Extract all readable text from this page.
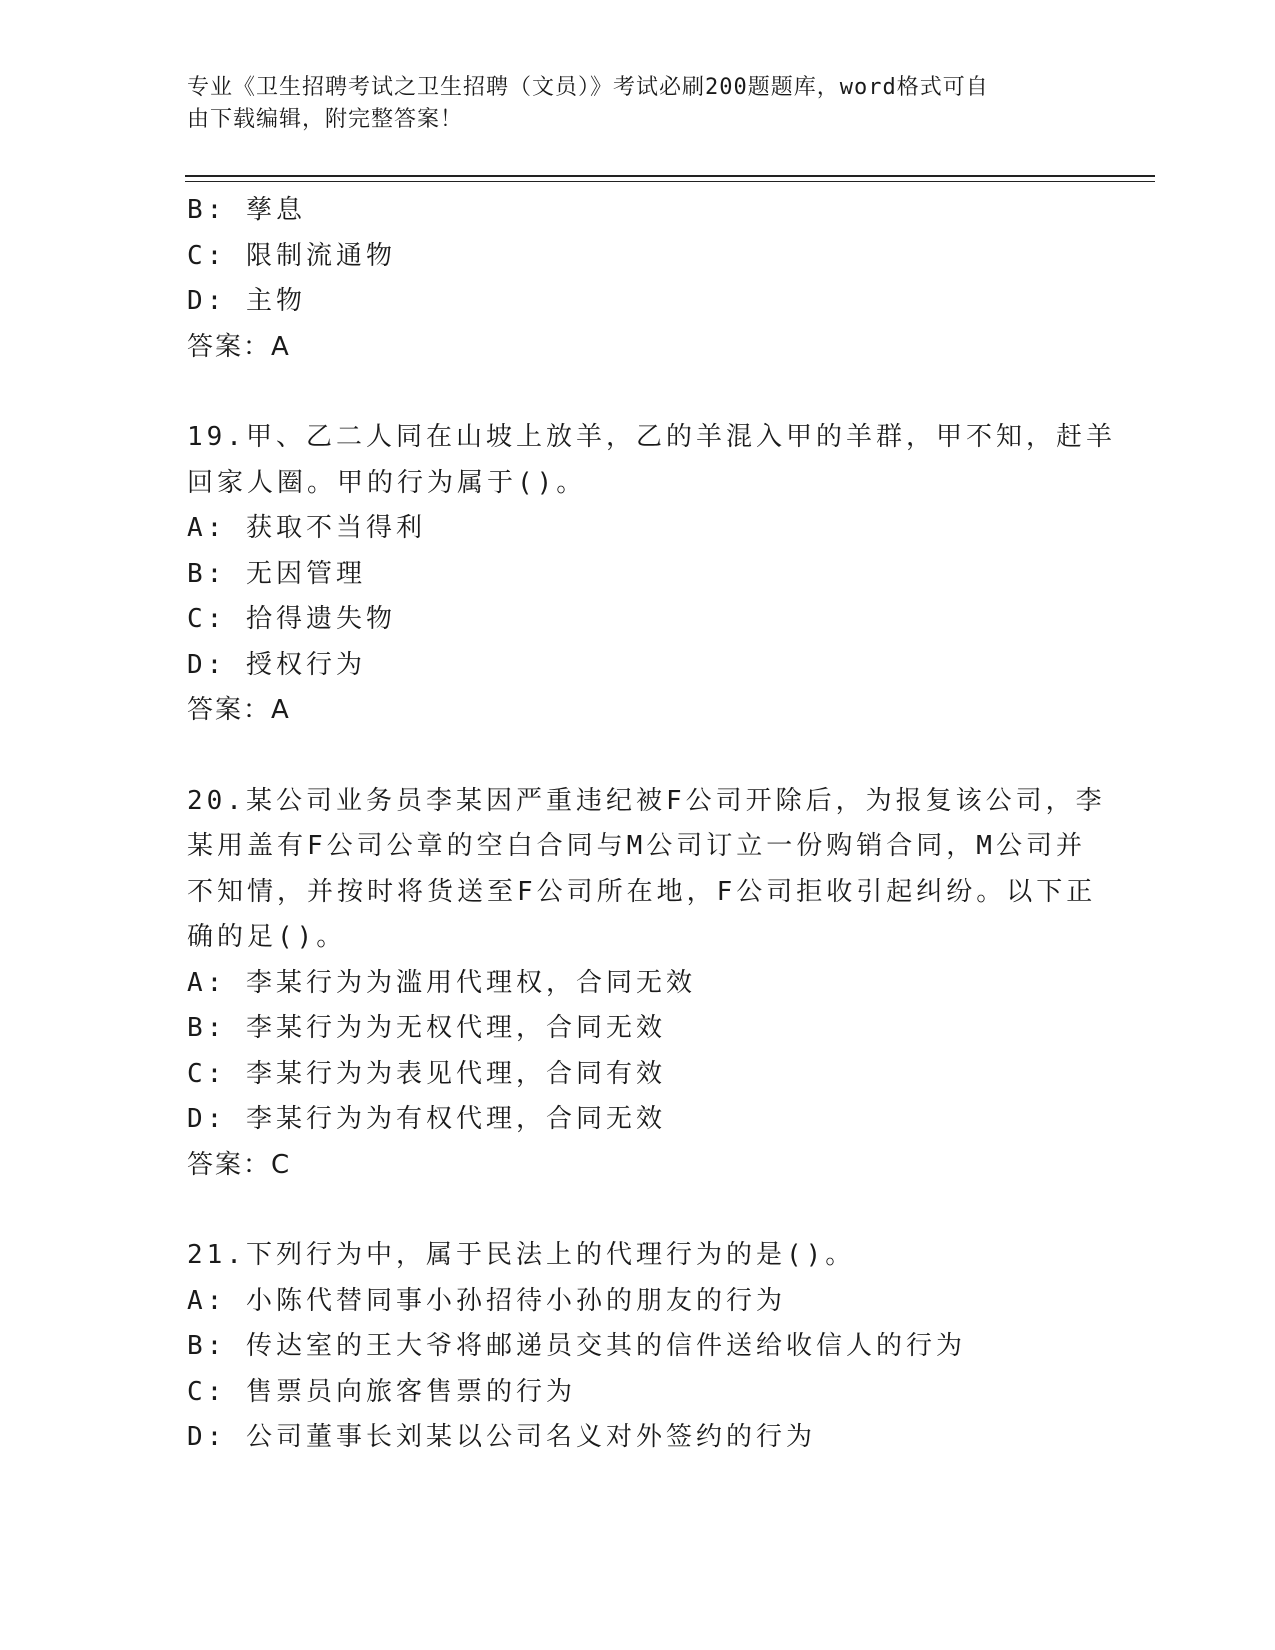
专业《卫生招聘考试之卫生招聘（文员）》考试必刷200题题库，word格式可自
由下载编辑，附完整答案！
B: 孳息
C: 限制流通物
D: 主物
答案：A
19.甲、乙二人同在山坡上放羊，乙的羊混入甲的羊群，甲不知，赶羊
回家人圈。甲的行为属于()。
A: 获取不当得利
B: 无因管理
C: 拾得遗失物
D: 授权行为
答案：A
20.某公司业务员李某因严重违纪被F公司开除后，为报复该公司，李
某用盖有F公司公章的空白合同与M公司订立一份购销合同，M公司并
不知情，并按时将货送至F公司所在地，F公司拒收引起纠纷。以下正
确的足()。
A: 李某行为为滥用代理权，合同无效
B: 李某行为为无权代理，合同无效
C: 李某行为为表见代理，合同有效
D: 李某行为为有权代理，合同无效
答案：C
21.下列行为中，属于民法上的代理行为的是()。
A: 小陈代替同事小孙招待小孙的朋友的行为
B: 传达室的王大爷将邮递员交其的信件送给收信人的行为
C: 售票员向旅客售票的行为
D: 公司董事长刘某以公司名义对外签约的行为
